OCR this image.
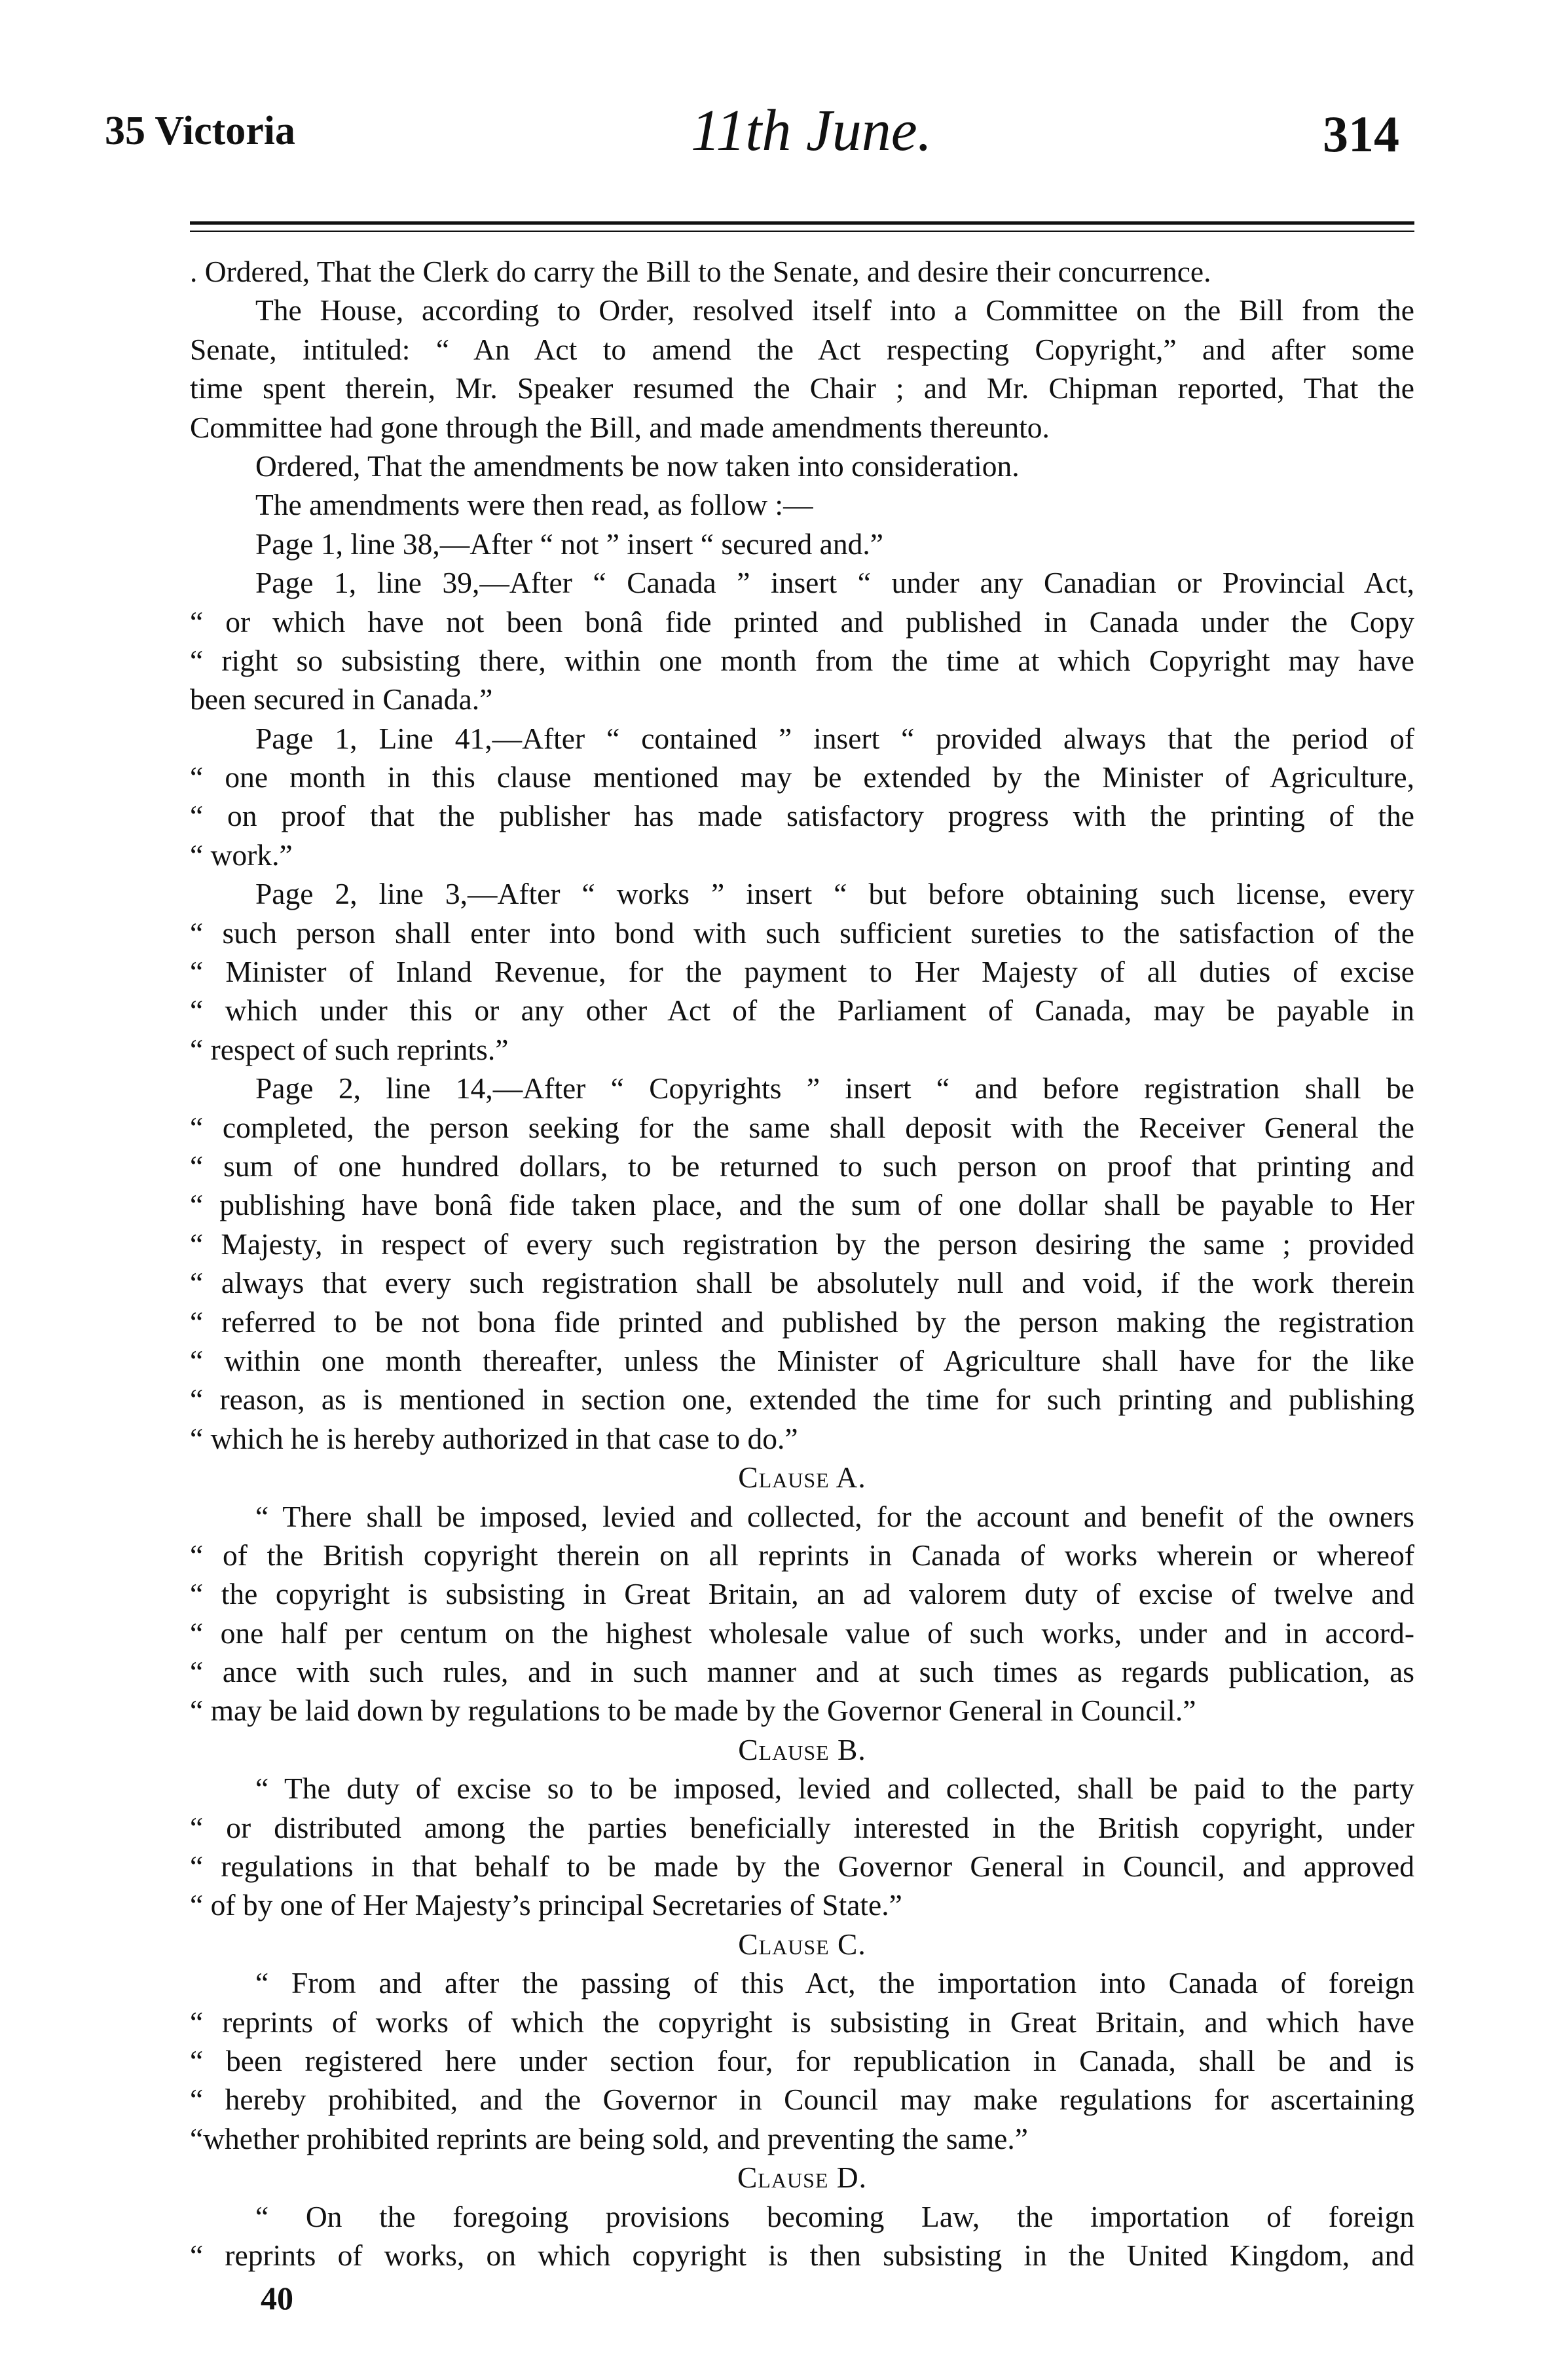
35 Victoria	11th June.	314
. Ordered, That the Clerk do carry the Bill to the Senate, and desire their concurrence.
The House, according to Order, resolved itself into a Committee on the Bill from the
Senate, intituled: “ An Act to amend the Act respecting Copyright,” and after some
time spent therein, Mr. Speaker resumed the Chair ; and Mr. Chipman reported, That the
Committee had gone through the Bill, and made amendments thereunto.
Ordered, That the amendments be now taken into consideration.
The amendments were then read, as follow :—
Page 1, line 38,—After “ not ” insert “ secured and.”
Page 1, line 39,—After “ Canada ” insert “ under any Canadian or Provincial Act,
“ or which have not been bonâ fide printed and published in Canada under the Copy
“ right so subsisting there, within one month from the time at which Copyright may have
been secured in Canada.”
Page 1, Line 41,—After “ contained ” insert “ provided always that the period of
“ one month in this clause mentioned may be extended by the Minister of Agriculture,
“ on proof that the publisher has made satisfactory progress with the printing of the
“ work.”
Page 2, line 3,—After “ works ” insert “ but before obtaining such license, every
“ such person shall enter into bond with such sufficient sureties to the satisfaction of the
“ Minister of Inland Revenue, for the payment to Her Majesty of all duties of excise
“ which under this or any other Act of the Parliament of Canada, may be payable in
“ respect of such reprints.”
Page 2, line 14,—After “ Copyrights ” insert “ and before registration shall be
“ completed, the person seeking for the same shall deposit with the Receiver General the
“ sum of one hundred dollars, to be returned to such person on proof that printing and
“ publishing have bonâ fide taken place, and the sum of one dollar shall be payable to Her
“ Majesty, in respect of every such registration by the person desiring the same ; provided
“ always that every such registration shall be absolutely null and void, if the work therein
“ referred to be not bona fide printed and published by the person making the registration
“ within one month thereafter, unless the Minister of Agriculture shall have for the like
“ reason, as is mentioned in section one, extended the time for such printing and publishing
“ which he is hereby authorized in that case to do.”
Clause A.
“ There shall be imposed, levied and collected, for the account and benefit of the owners
“ of the British copyright therein on all reprints in Canada of works wherein or whereof
“ the copyright is subsisting in Great Britain, an ad valorem duty of excise of twelve and
“ one half per centum on the highest wholesale value of such works, under and in accord-
“ ance with such rules, and in such manner and at such times as regards publication, as
“ may be laid down by regulations to be made by the Governor General in Council.”
Clause B.
“ The duty of excise so to be imposed, levied and collected, shall be paid to the party
“ or distributed among the parties beneficially interested in the British copyright, under
“ regulations in that behalf to be made by the Governor General in Council, and approved
“ of by one of Her Majesty’s principal Secretaries of State.”
Clause C.
“ From and after the passing of this Act, the importation into Canada of foreign
“ reprints of works of which the copyright is subsisting in Great Britain, and which have
“ been registered here under section four, for republication in Canada, shall be and is
“ hereby prohibited, and the Governor in Council may make regulations for ascertaining
“whether prohibited reprints are being sold, and preventing the same.”
Clause D.
“ On the foregoing provisions becoming Law, the importation of foreign
“ reprints of works, on which copyright is then subsisting in the United Kingdom, and
40
